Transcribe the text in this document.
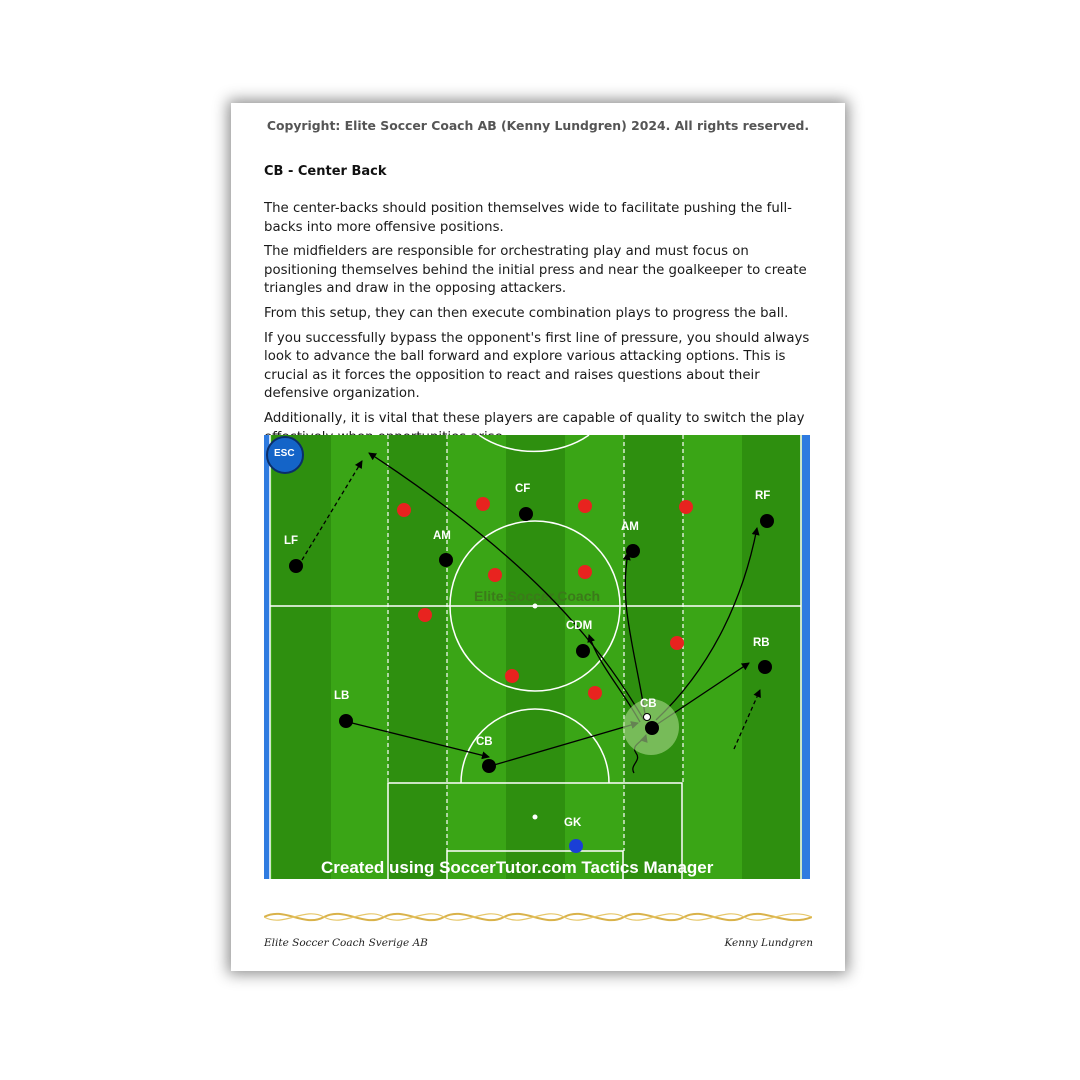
Copyright: Elite Soccer Coach AB (Kenny Lundgren) 2024. All rights reserved.
CB - Center Back

The center-backs should position themselves wide to facilitate pushing the full-backs into more offensive positions.

The midfielders are responsible for orchestrating play and must focus on positioning themselves behind the initial press and near the goalkeeper to create triangles and draw in the opposing attackers.

From this setup, they can then execute combination plays to progress the ball.

If you successfully bypass the opponent's first line of pressure, you should always look to advance the ball forward and explore various attacking options. This is crucial as it forces the opposition to react and raises questions about their defensive organization.

Additionally, it is vital that these players are capable of quality to switch the play

Elite.Soccer.Coach
ESC
LF	AM
CF
AM
RF
CDM
RB
LB
CB
CB
GK
Created using SoccerTutor.com Tactics Manager
Elite Soccer Coach Sverige AB	Kenny Lundgren
